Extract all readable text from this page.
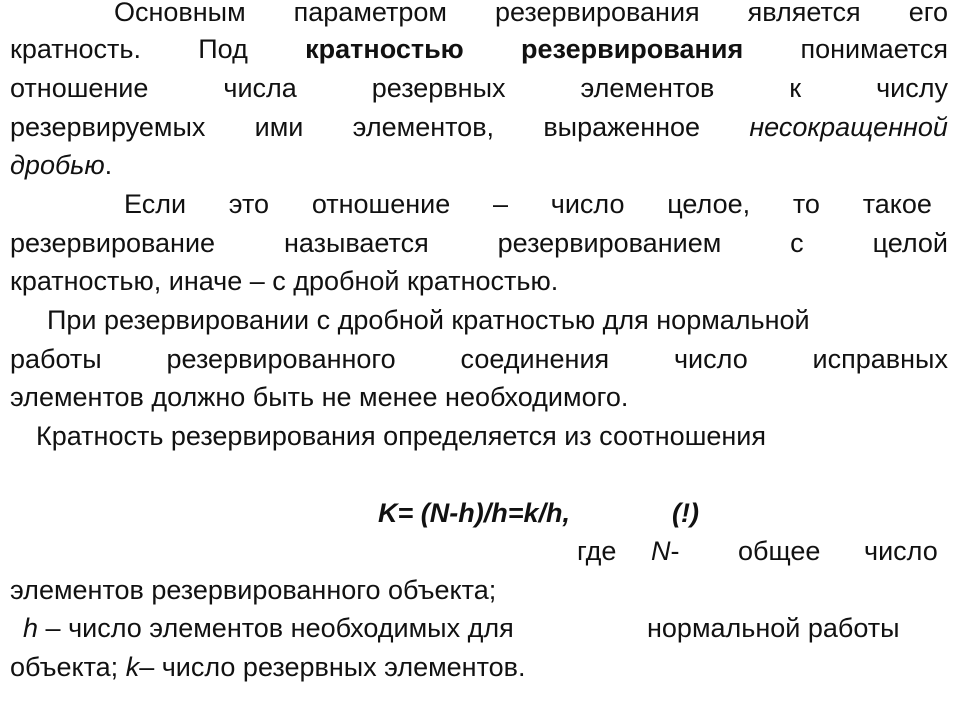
Основным параметром резервирования является его
кратность. Под кратностью резервирования понимается
отношение	числа	резервных	элементов	к	числу
резервируемых ими элементов, выраженное несокращенной
дробью.
Если это отношение – число целое, то такое
резервирование	называется	резервированием	с	целой
кратностью, иначе – с дробной кратностью.
При резервировании с дробной кратностью для нормальной
работы резервированного соединения число исправных
элементов должно быть не менее необходимого.
Кратность резервирования определяется из соотношения
K= (N-h)/h=k/h,	(!)
где N- общее число
элементов резервированного объекта;
h – число элементов необходимых для	нормальной работы
объекта; k– число резервных элементов.
